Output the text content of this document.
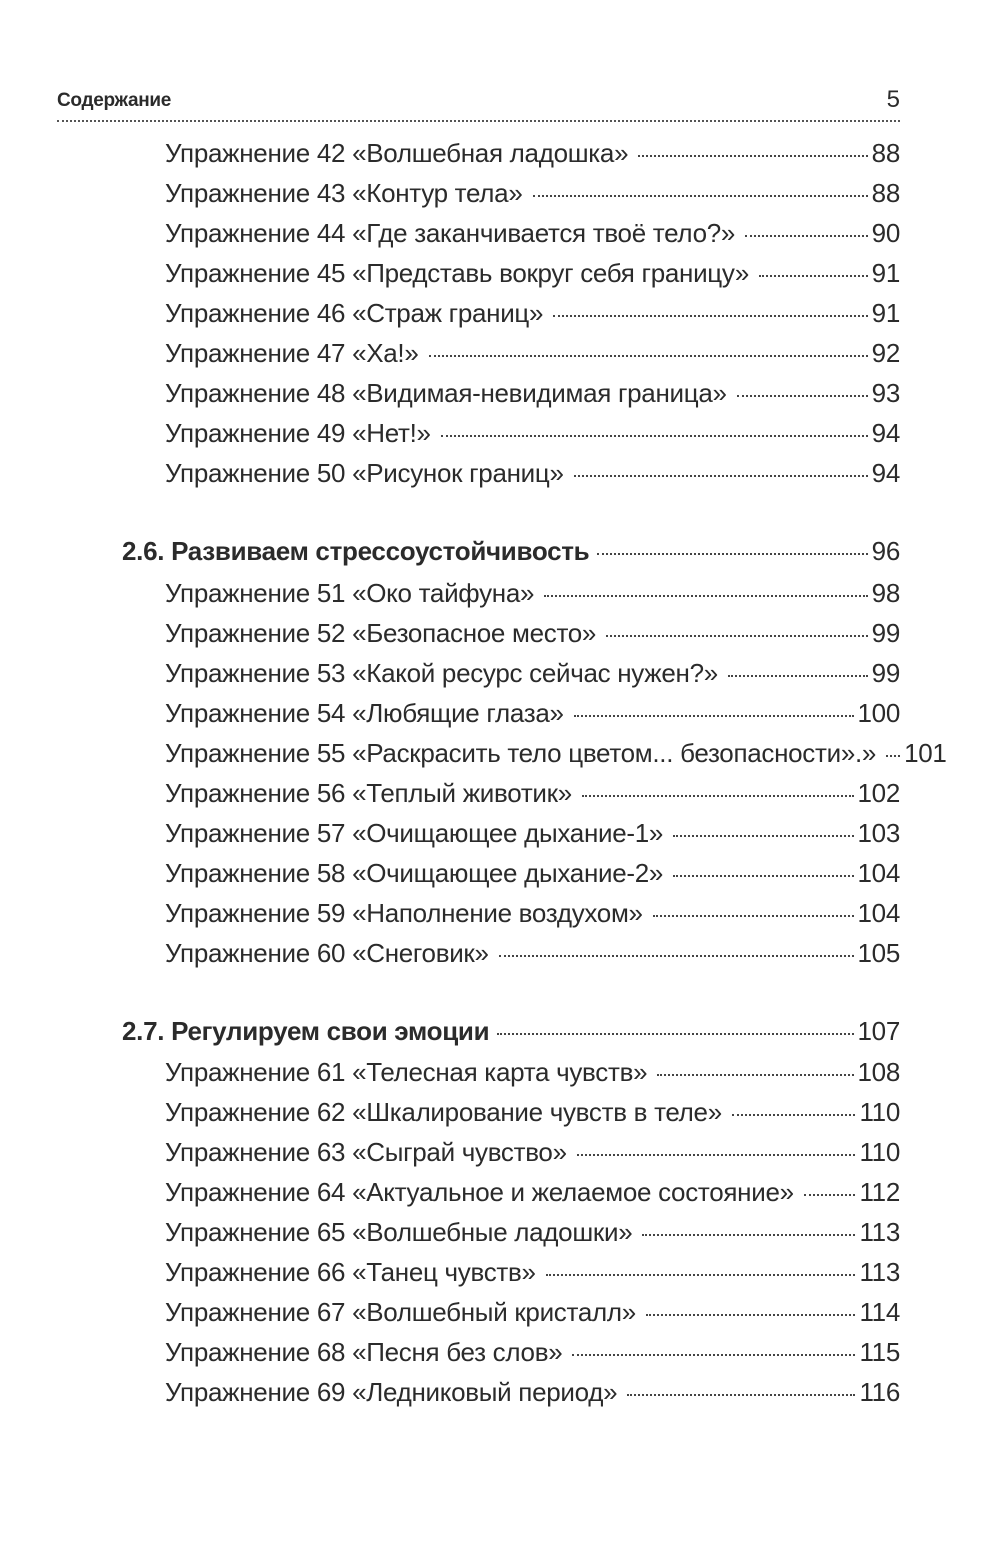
Содержание	5
Упражнение 42 «Волшебная ладошка»	88
Упражнение 43 «Контур тела»	88
Упражнение 44 «Где заканчивается твоё тело?»	90
Упражнение 45 «Представь вокруг себя границу»	91
Упражнение 46 «Страж границ»	91
Упражнение 47 «Ха!»	92
Упражнение 48 «Видимая-невидимая граница»	93
Упражнение 49 «Нет!»	94
Упражнение 50 «Рисунок границ»	94
2.6. Развиваем стрессоустойчивость	96
Упражнение 51 «Око тайфуна»	98
Упражнение 52 «Безопасное место»	99
Упражнение 53 «Какой ресурс сейчас нужен?»	99
Упражнение 54 «Любящие глаза»	100
Упражнение 55 «Раскрасить тело цветом... безопасности».» 101
Упражнение 56 «Теплый животик»	102
Упражнение 57 «Очищающее дыхание-1»	103
Упражнение 58 «Очищающее дыхание-2»	104
Упражнение 59 «Наполнение воздухом»	104
Упражнение 60 «Снеговик»	105
2.7. Регулируем свои эмоции	107
Упражнение 61 «Телесная карта чувств»	108
Упражнение 62 «Шкалирование чувств в теле»	110
Упражнение 63 «Сыграй чувство»	110
Упражнение 64 «Актуальное и желаемое состояние»	112
Упражнение 65 «Волшебные ладошки»	113
Упражнение 66 «Танец чувств»	113
Упражнение 67 «Волшебный кристалл»	114
Упражнение 68 «Песня без слов»	115
Упражнение 69 «Ледниковый период»	116
